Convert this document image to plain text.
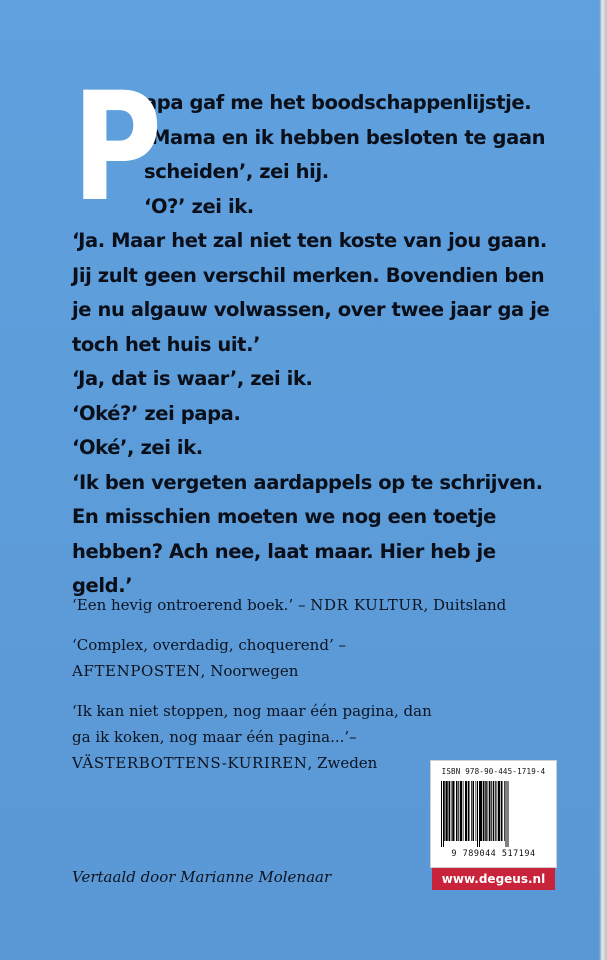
P

apa gaf me het boodschappenlijstje.

‘Mama en ik hebben besloten te gaan scheiden’, zei hij.

‘O?’ zei ik.

‘Ja. Maar het zal niet ten koste van jou gaan. Jij zult geen verschil merken. Bovendien ben je nu algauw volwassen, over twee jaar ga je toch het huis uit.’

‘Ja, dat is waar’, zei ik.

‘Oké?’ zei papa.

‘Oké’, zei ik.

‘Ik ben vergeten aardappels op te schrijven. En misschien moeten we nog een toetje hebben? Ach nee, laat maar. Hier heb je geld.’

‘Een hevig ontroerend boek.’ – NDR KULTUR, Duitsland

‘Complex, overdadig, choquerend’ – AFTENPOSTEN, Noorwegen

‘Ik kan niet stoppen, nog maar één pagina, dan ga ik koken, nog maar één pagina...’– VÄSTERBOTTENS-KURIREN, Zweden

Vertaald door Marianne Molenaar
ISBN 978-90-445-1719-4
9 789044 517194
www.degeus.nl
